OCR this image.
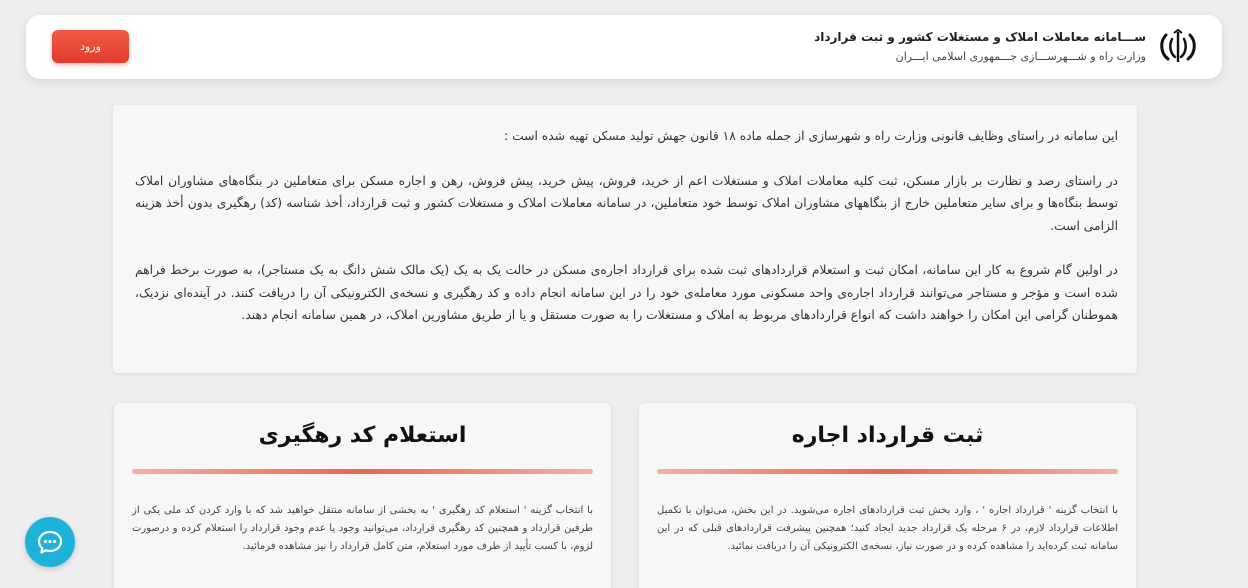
ورود
ســـامانه معاملات املاک و مستغلات کشور و ثبت قرارداد
وزارت راه و شـــهرســـازی جـــمهوری اسلامی ایـــران

این سامانه در راستای وظایف قانونی وزارت راه و شهرسازی از جمله ماده ۱۸ قانون جهش تولید مسکن تهیه شده است :

در راستای رصد و نظارت بر بازار مسکن، ثبت کلیه معاملات املاک و مستغلات اعم از خرید، فروش، پیش خرید، پیش فروش، رهن و اجاره مسکن برای متعاملین در بنگاه‌های مشاوران املاک توسط بنگاه‌ها و برای سایر متعاملین خارج از بنگاههای مشاوران املاک توسط خود متعاملین، در سامانه معاملات املاک و مستغلات کشور و ثبت قرارداد، أخذ شناسه (کد) رهگیری بدون أخذ هزینه الزامی است.

در اولین گام شروع به کار این سامانه، امکان ثبت و استعلام قراردادهای ثبت شده برای قرارداد اجاره‌ی مسکن در حالت یک به یک (یک مالک شش دانگ به یک مستاجر)، به صورت برخط فراهم شده است و مؤجر و مستاجر می‌توانند قرارداد اجاره‌ی واحد مسکونی مورد معامله‌ی خود را در این سامانه انجام داده و کد رهگیری و نسخه‌ی الکترونیکی آن را دریافت کنند. در آینده‌ای نزدیک، هموطنان گرامی این امکان را خواهند داشت که انواع قراردادهای مربوط به املاک و مستغلات را به صورت مستقل و یا از طریق مشاورین املاک، در همین سامانه انجام دهند.

ثبت قرارداد اجاره
با انتخاب گزینه ' قرارداد اجاره ' ، وارد بخش ثبت قراردادهای اجاره می‌شوید. در این بخش، می‌توان با تکمیل اطلاعات قرارداد لازم، در ۶ مرحله یک قرارداد جدید ایجاد کنید؛ همچنین پیشرفت قراردادهای قبلی که در این سامانه ثبت کرده‌اید را مشاهده کرده و در صورت نیاز، نسخه‌ی الکترونیکی آن را دریافت نمائید.
استعلام کد رهگیری
با انتخاب گزینه ' استعلام کد رهگیری ' به بخشی از سامانه منتقل خواهید شد که با وارد کردن کد ملی یکی از طرفین قرارداد و همچنین کد رهگیری قرارداد، می‌توانید وجود یا عدم وجود قرارداد را استعلام کرده و درصورت لزوم، با کسب تأیید از طرف مورد استعلام، متن کامل قرارداد را نیز مشاهده فرمائید.
